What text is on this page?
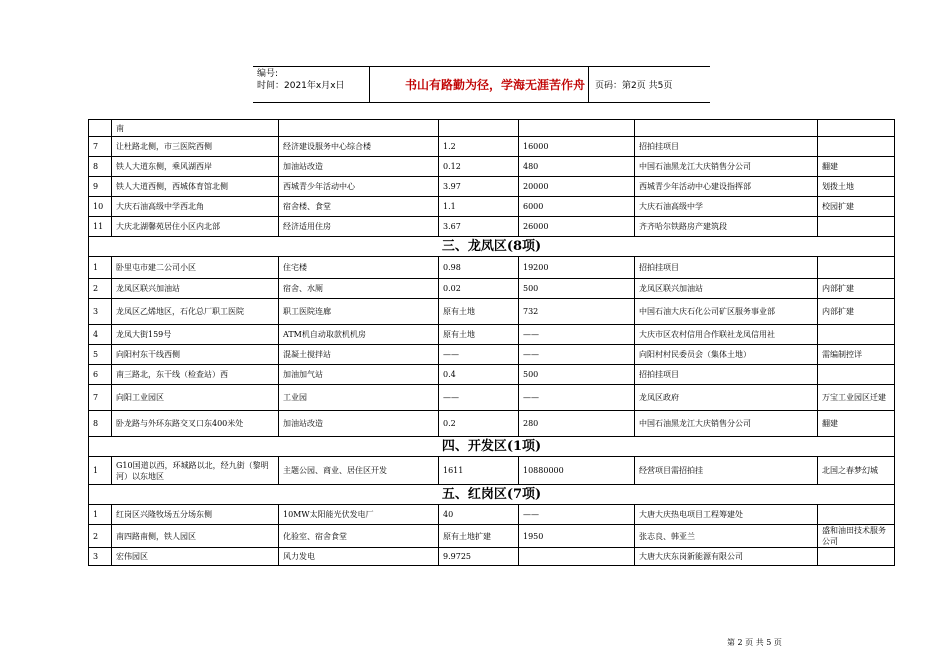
编号:
时间：2021年x月x日	书山有路勤为径，学海无涯苦作舟	页码：第2页 共5页
	南					
7	让杜路北侧，市三医院西侧	经济建设服务中心综合楼	1.2	16000	招拍挂项目	
8	铁人大道东侧，乘风湖西岸	加油站改造	0.12	480	中国石油黑龙江大庆销售分公司	翻建
9	铁人大道西侧，西城体育馆北侧	西城青少年活动中心	3.97	20000	西城青少年活动中心建设指挥部	划拨土地
10	大庆石油高级中学西北角	宿舍楼、食堂	1.1	6000	大庆石油高级中学	校园扩建
11	大庆北湖馨苑居住小区内北部	经济适用住房	3.67	26000	齐齐哈尔铁路房产建筑段	
三、龙凤区(8项)						
1	卧里屯市建二公司小区	住宅楼	0.98	19200	招拍挂项目	
2	龙凤区联兴加油站	宿舍、水厕	0.02	500	龙凤区联兴加油站	内部扩建
3	龙凤区乙烯地区，石化总厂职工医院	职工医院连廊	原有土地	732	中国石油大庆石化公司矿区服务事业部	内部扩建
4	龙凤大街159号	ATM机自动取款机机房	原有土地	——	大庆市区农村信用合作联社龙凤信用社	
5	向阳村东干线西侧	混凝土搅拌站	——	——	向阳村村民委员会（集体土地）	需编制控详
6	南三路北，东干线（检查站）西	加油加气站	0.4	500	招拍挂项目	
7	向阳工业园区	工业园	——	——	龙凤区政府	万宝工业园区迁建
8	卧龙路与外环东路交叉口东400米处	加油站改造	0.2	280	中国石油黑龙江大庆销售分公司	翻建
四、开发区(1项)						
1	G10国道以西，环城路以北，经九街（黎明河）以东地区	主题公园、商业、居住区开发	1611	10880000	经营项目需招拍挂	北国之春梦幻城
五、红岗区(7项)						
1	红岗区兴隆牧场五分场东侧	10MW太阳能光伏发电厂	40	——	大唐大庆热电项目工程筹建处	
2	南四路南侧，铁人园区	化验室、宿舍食堂	原有土地扩建	1950	张志良、韩亚兰	盛和油田技术服务公司
3	宏伟园区	风力发电	9.9725		大唐大庆东岗新能源有限公司	
第 2 页 共 5 页
